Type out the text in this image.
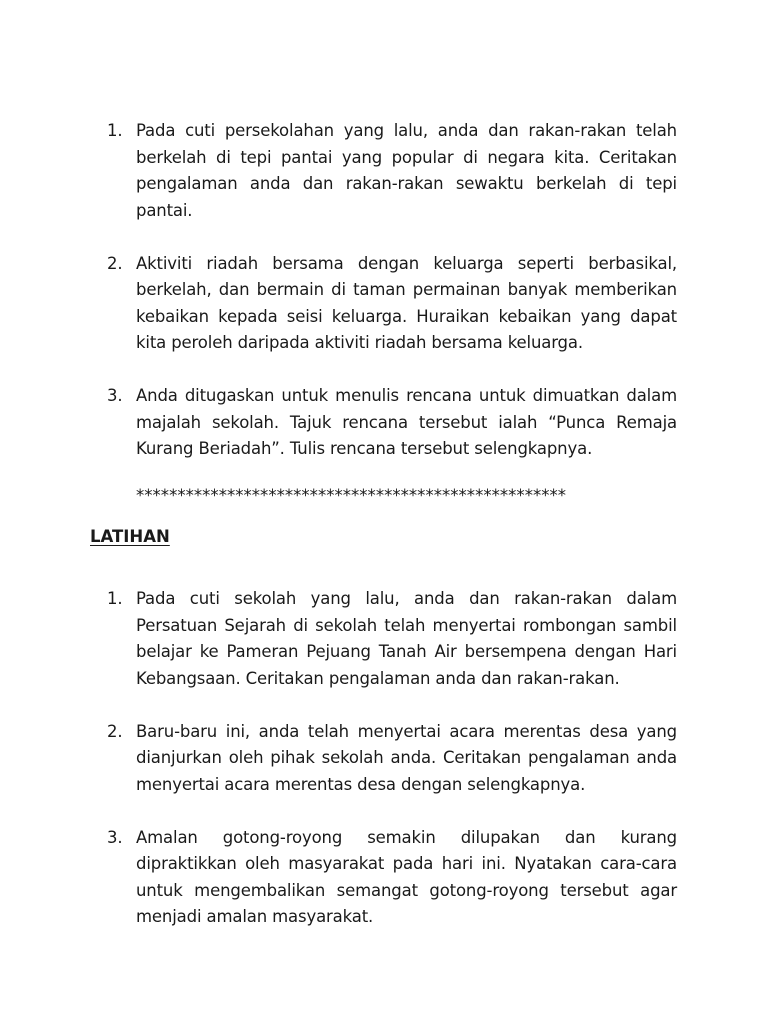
1. Pada cuti persekolahan yang lalu, anda dan rakan-rakan telah berkelah di tepi pantai yang popular di negara kita. Ceritakan pengalaman anda dan rakan-rakan sewaktu berkelah di tepi pantai.
2. Aktiviti riadah bersama dengan keluarga seperti berbasikal, berkelah, dan bermain di taman permainan banyak memberikan kebaikan kepada seisi keluarga. Huraikan kebaikan yang dapat kita peroleh daripada aktiviti riadah bersama keluarga.
3. Anda ditugaskan untuk menulis rencana untuk dimuatkan dalam majalah sekolah. Tajuk rencana tersebut ialah “Punca Remaja Kurang Beriadah”. Tulis rencana tersebut selengkapnya.
****************************************************
LATIHAN
1. Pada cuti sekolah yang lalu, anda dan rakan-rakan dalam Persatuan Sejarah di sekolah telah menyertai rombongan sambil belajar ke Pameran Pejuang Tanah Air bersempena dengan Hari Kebangsaan. Ceritakan pengalaman anda dan rakan-rakan.
2. Baru-baru ini, anda telah menyertai acara merentas desa yang dianjurkan oleh pihak sekolah anda. Ceritakan pengalaman anda menyertai acara merentas desa dengan selengkapnya.
3. Amalan gotong-royong semakin dilupakan dan kurang dipraktikkan oleh masyarakat pada hari ini. Nyatakan cara-cara untuk mengembalikan semangat gotong-royong tersebut agar menjadi amalan masyarakat.
